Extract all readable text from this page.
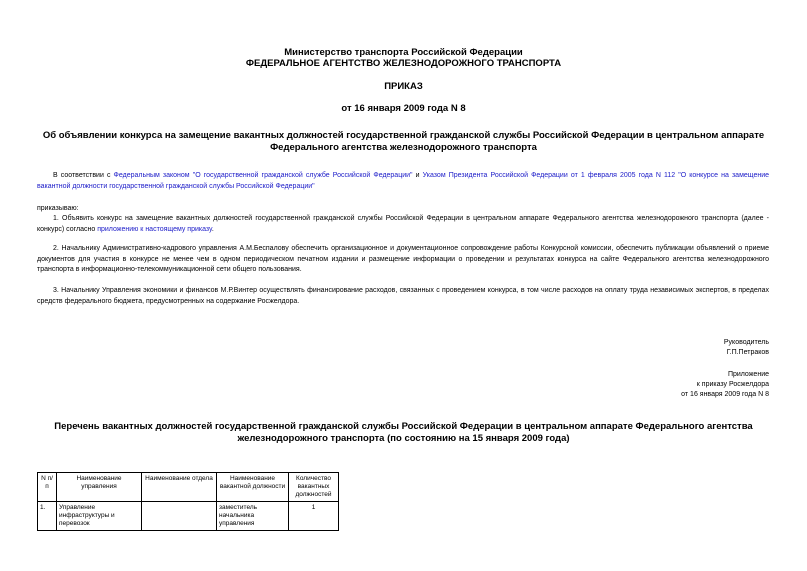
Министерство транспорта Российской Федерации
ФЕДЕРАЛЬНОЕ АГЕНТСТВО ЖЕЛЕЗНОДОРОЖНОГО ТРАНСПОРТА
ПРИКАЗ
от 16 января 2009 года N 8
Об объявлении конкурса на замещение вакантных должностей государственной гражданской службы Российской Федерации в центральном аппарате
Федерального агентства железнодорожного транспорта
В соответствии с Федеральным законом "О государственной гражданской службе Российской Федерации" и Указом Президента Российской Федерации от 1 февраля 2005 года N 112 "О конкурсе на замещение вакантной должности государственной гражданской службы Российской Федерации"
приказываю:
1. Объявить конкурс на замещение вакантных должностей государственной гражданской службы Российской Федерации в центральном аппарате Федерального агентства железнодорожного транспорта (далее - конкурс) согласно приложению к настоящему приказу.
2. Начальнику Административно-кадрового управления А.М.Беспалову обеспечить организационное и документационное сопровождение работы Конкурсной комиссии, обеспечить публикации объявлений о приеме документов для участия в конкурсе не менее чем в одном периодическом печатном издании и размещение информации о проведении и результатах конкурса на сайте Федерального агентства железнодорожного транспорта в информационно-телекоммуникационной сети общего пользования.
3. Начальнику Управления экономики и финансов М.Р.Винтер осуществлять финансирование расходов, связанных с проведением конкурса, в том числе расходов на оплату труда независимых экспертов, в пределах средств федерального бюджета, предусмотренных на содержание Росжелдора.
Руководитель
Г.П.Петраков
Приложение
к приказу Росжелдора
от 16 января 2009 года N 8
Перечень вакантных должностей государственной гражданской службы Российской Федерации в центральном аппарате Федерального агентства
железнодорожного транспорта (по состоянию на 15 января 2009 года)
N п/п	Наименование управления	Наименование отдела	Наименование вакантной должности	Количество вакантных должностей
1.	Управление инфраструктуры и перевозок		заместитель начальника управления	1
